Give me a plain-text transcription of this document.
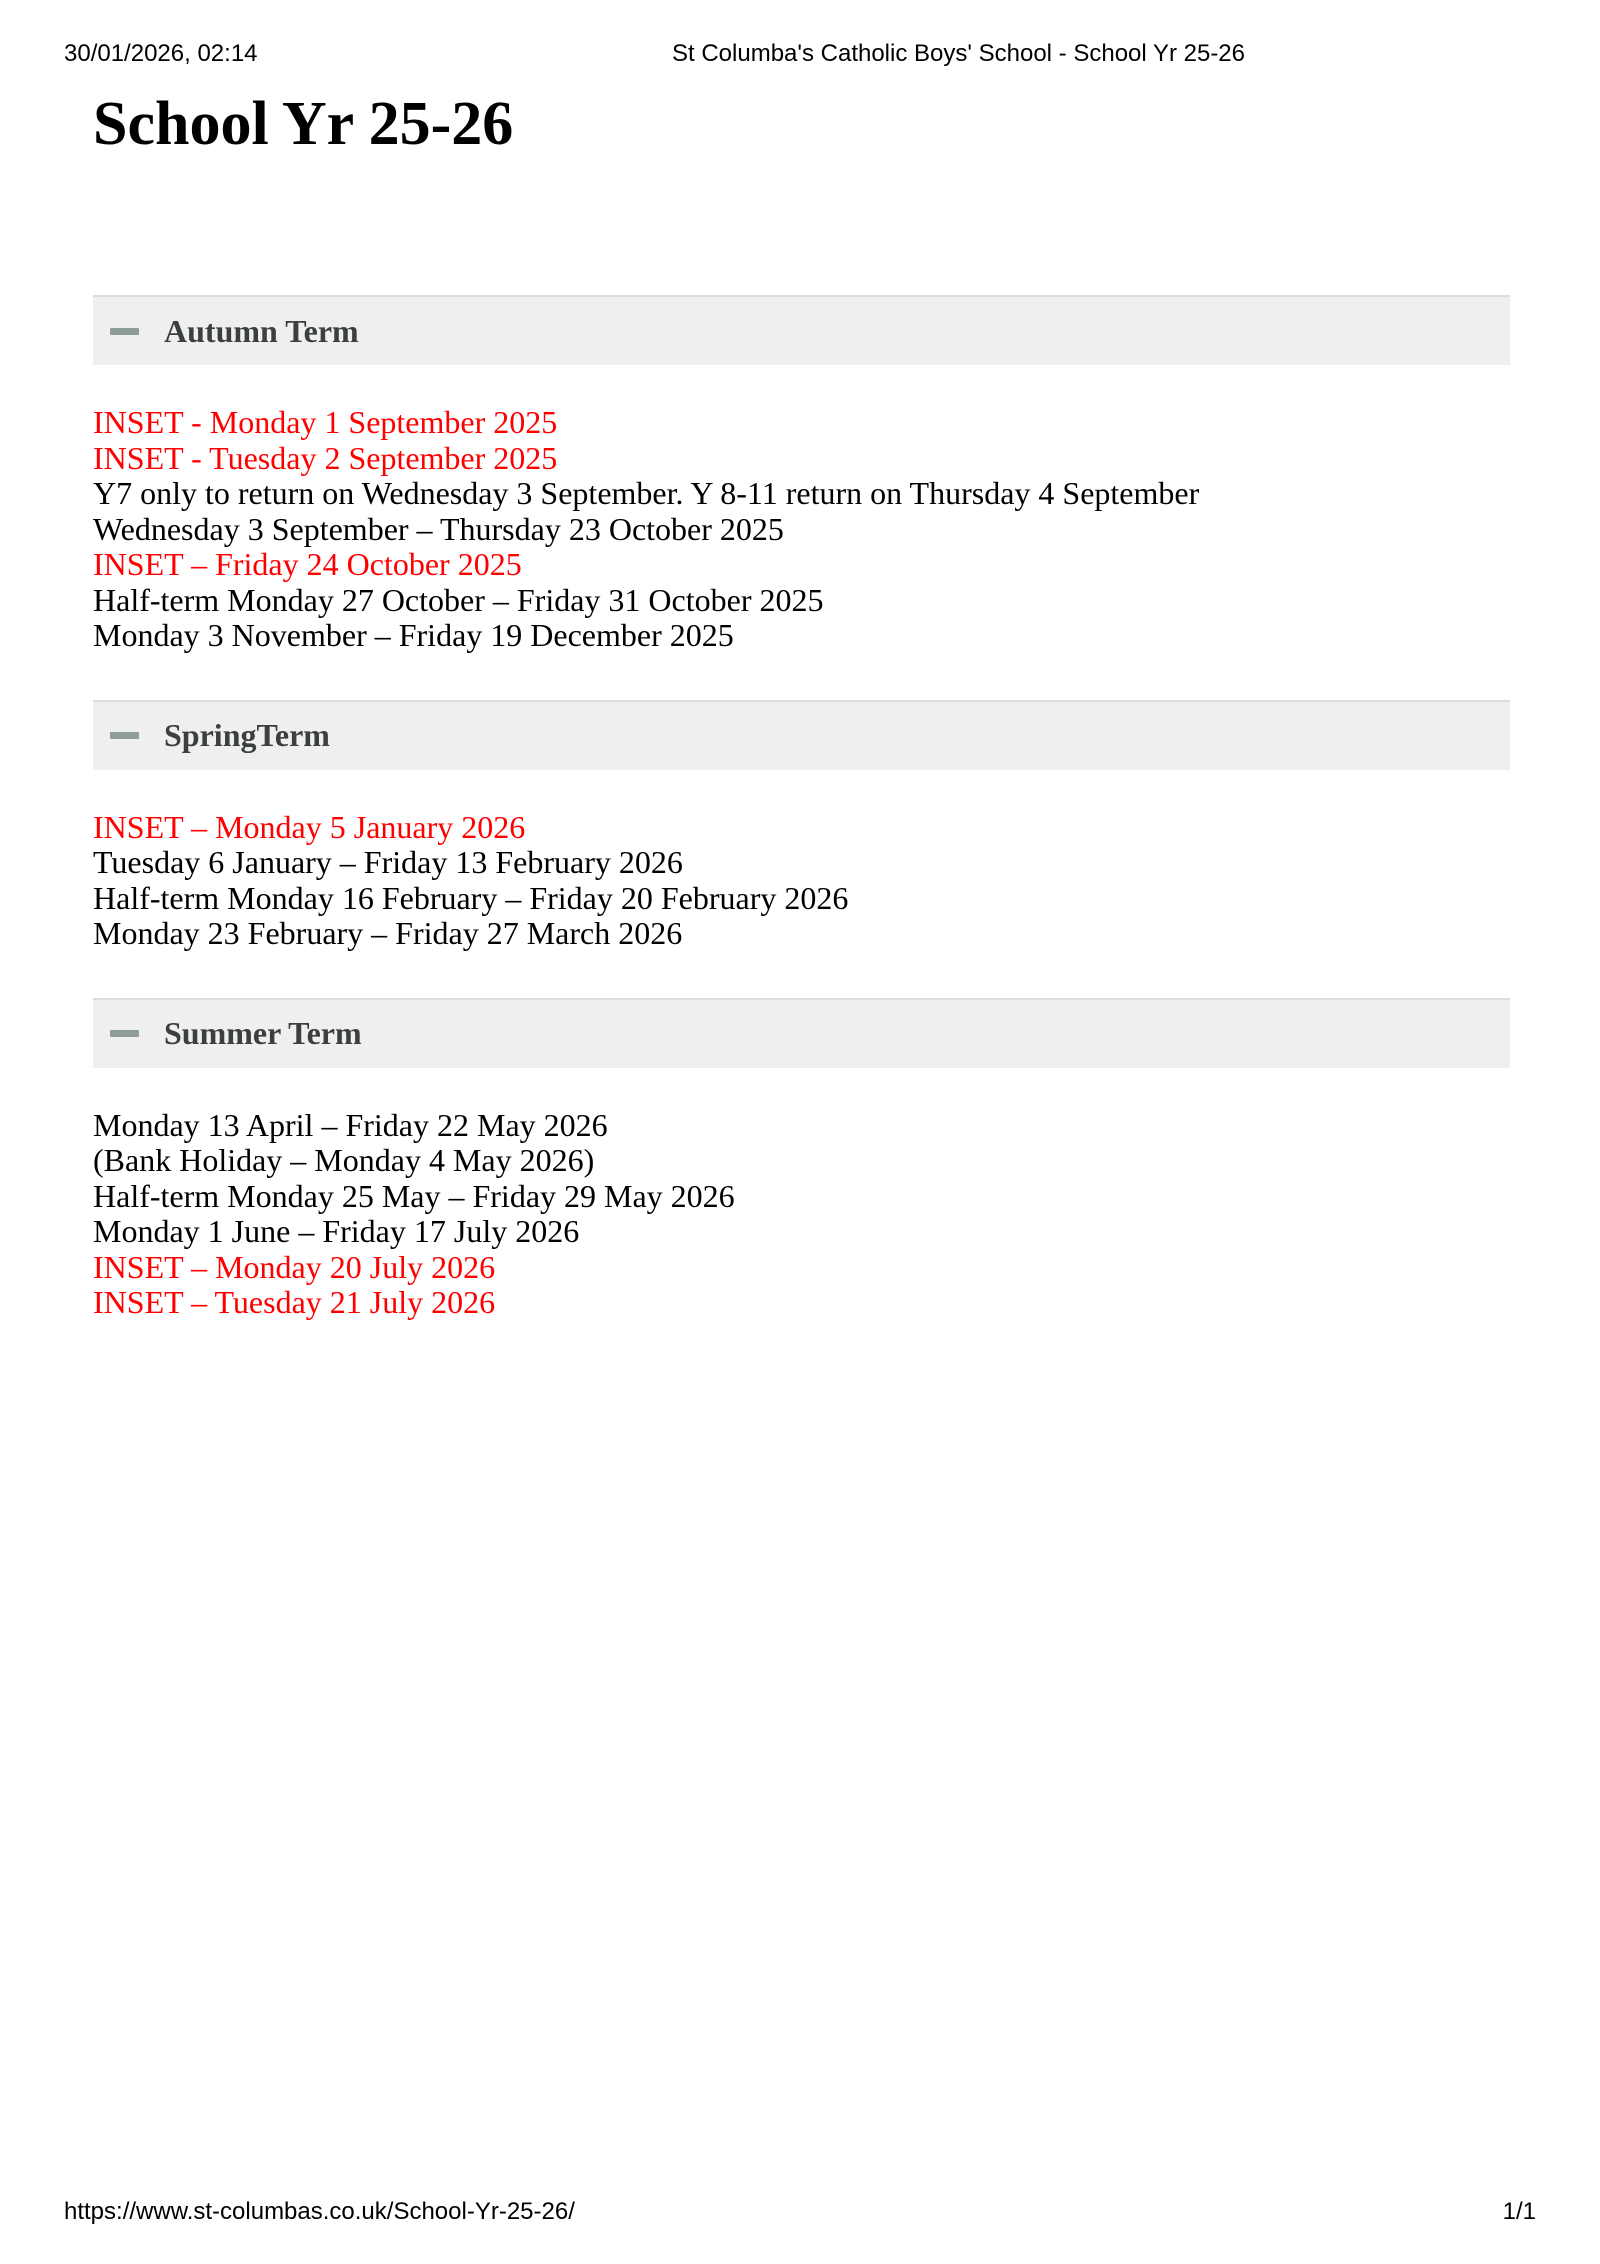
30/01/2026, 02:14	St Columba's Catholic Boys' School - School Yr 25-26
School Yr 25-26
Autumn Term

INSET - Monday 1 September 2025

INSET - Tuesday 2 September 2025

Y7 only to return on Wednesday 3 September. Y 8-11 return on Thursday 4 September

Wednesday 3 September – Thursday 23 October 2025

INSET – Friday 24 October 2025

Half-term Monday 27 October – Friday 31 October 2025

Monday 3 November – Friday 19 December 2025

SpringTerm

INSET – Monday 5 January 2026

Tuesday 6 January – Friday 13 February 2026

Half-term Monday 16 February – Friday 20 February 2026

Monday 23 February – Friday 27 March 2026

Summer Term

Monday 13 April – Friday 22 May 2026

(Bank Holiday – Monday 4 May 2026)

Half-term Monday 25 May – Friday 29 May 2026

Monday 1 June – Friday 17 July 2026

INSET – Monday 20 July 2026

INSET – Tuesday 21 July 2026

https://www.st-columbas.co.uk/School-Yr-25-26/	1/1
